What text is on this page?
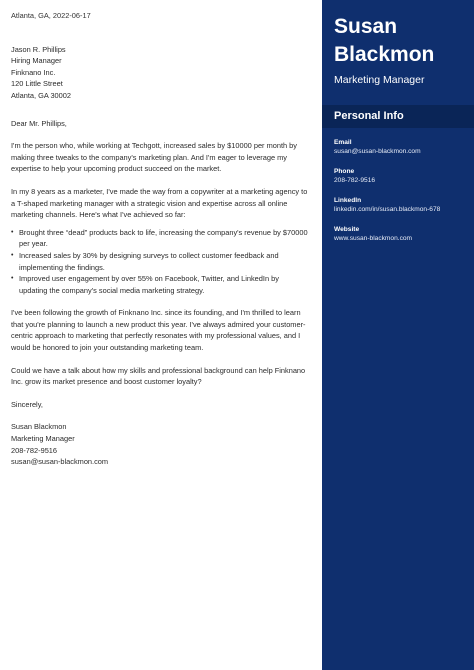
Atlanta, GA, 2022-06-17

Jason R. Phillips
Hiring Manager
Finknano Inc.
120 Little Street
Atlanta, GA 30002

Dear Mr. Phillips,

I'm the person who, while working at Techgott, increased sales by $10000 per month by making three tweaks to the company's marketing plan. And I'm eager to leverage my expertise to help your upcoming product succeed on the market.

In my 8 years as a marketer, I've made the way from a copywriter at a marketing agency to a T-shaped marketing manager with a strategic vision and expertise across all online marketing channels. Here's what I've achieved so far:

• Brought three “dead” products back to life, increasing the company's revenue by $70000 per year.
• Increased sales by 30% by designing surveys to collect customer feedback and implementing the findings.
• Improved user engagement by over 55% on Facebook, Twitter, and LinkedIn by updating the company's social media marketing strategy.

I've been following the growth of Finknano Inc. since its founding, and I'm thrilled to learn that you're planning to launch a new product this year. I've always admired your customer-centric approach to marketing that perfectly resonates with my professional values, and I would be honored to join your outstanding marketing team.

Could we have a talk about how my skills and professional background can help Finknano Inc. grow its market presence and boost customer loyalty?

Sincerely,

Susan Blackmon
Marketing Manager
208-782-9516
susan@susan-blackmon.com

Susan
Blackmon
Marketing Manager
Personal Info
Email
susan@susan-blackmon.com
Phone
208-782-9516
LinkedIn
linkedin.com/in/susan.blackmon-678
Website
www.susan-blackmon.com
